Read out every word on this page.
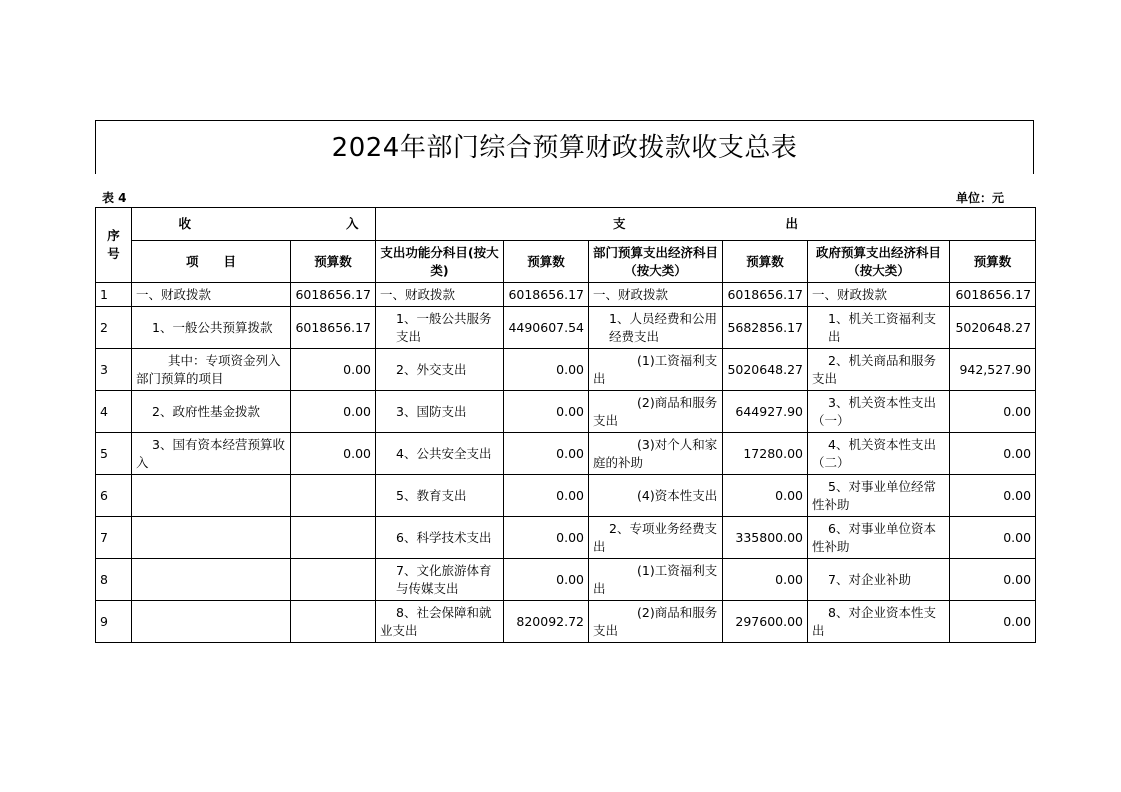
2024年部门综合预算财政拨款收支总表
表 4	单位：元
序号	收 入		支 出					
	项　　目	预算数	支出功能分科目(按大类)	预算数	部门预算支出经济科目（按大类）	预算数	政府预算支出经济科目（按大类）	预算数
1	一、财政拨款	6018656.17	一、财政拨款	6018656.17	一、财政拨款	6018656.17	一、财政拨款	6018656.17
2	1、一般公共预算拨款	6018656.17	1、一般公共服务支出	4490607.54	1、人员经费和公用经费支出	5682856.17	1、机关工资福利支出	5020648.27
3	其中：专项资金列入部门预算的项目	0.00	2、外交支出	0.00	(1)工资福利支出	5020648.27	2、机关商品和服务支出	942,527.90
4	2、政府性基金拨款	0.00	3、国防支出	0.00	(2)商品和服务支出	644927.90	3、机关资本性支出（一）	0.00
5	3、国有资本经营预算收入	0.00	4、公共安全支出	0.00	(3)对个人和家庭的补助	17280.00	4、机关资本性支出（二）	0.00
6			5、教育支出	0.00	(4)资本性支出	0.00	5、对事业单位经常性补助	0.00
7			6、科学技术支出	0.00	2、专项业务经费支出	335800.00	6、对事业单位资本性补助	0.00
8			7、文化旅游体育与传媒支出	0.00	(1)工资福利支出	0.00	7、对企业补助	0.00
9			8、社会保障和就业支出	820092.72	(2)商品和服务支出	297600.00	8、对企业资本性支出	0.00
